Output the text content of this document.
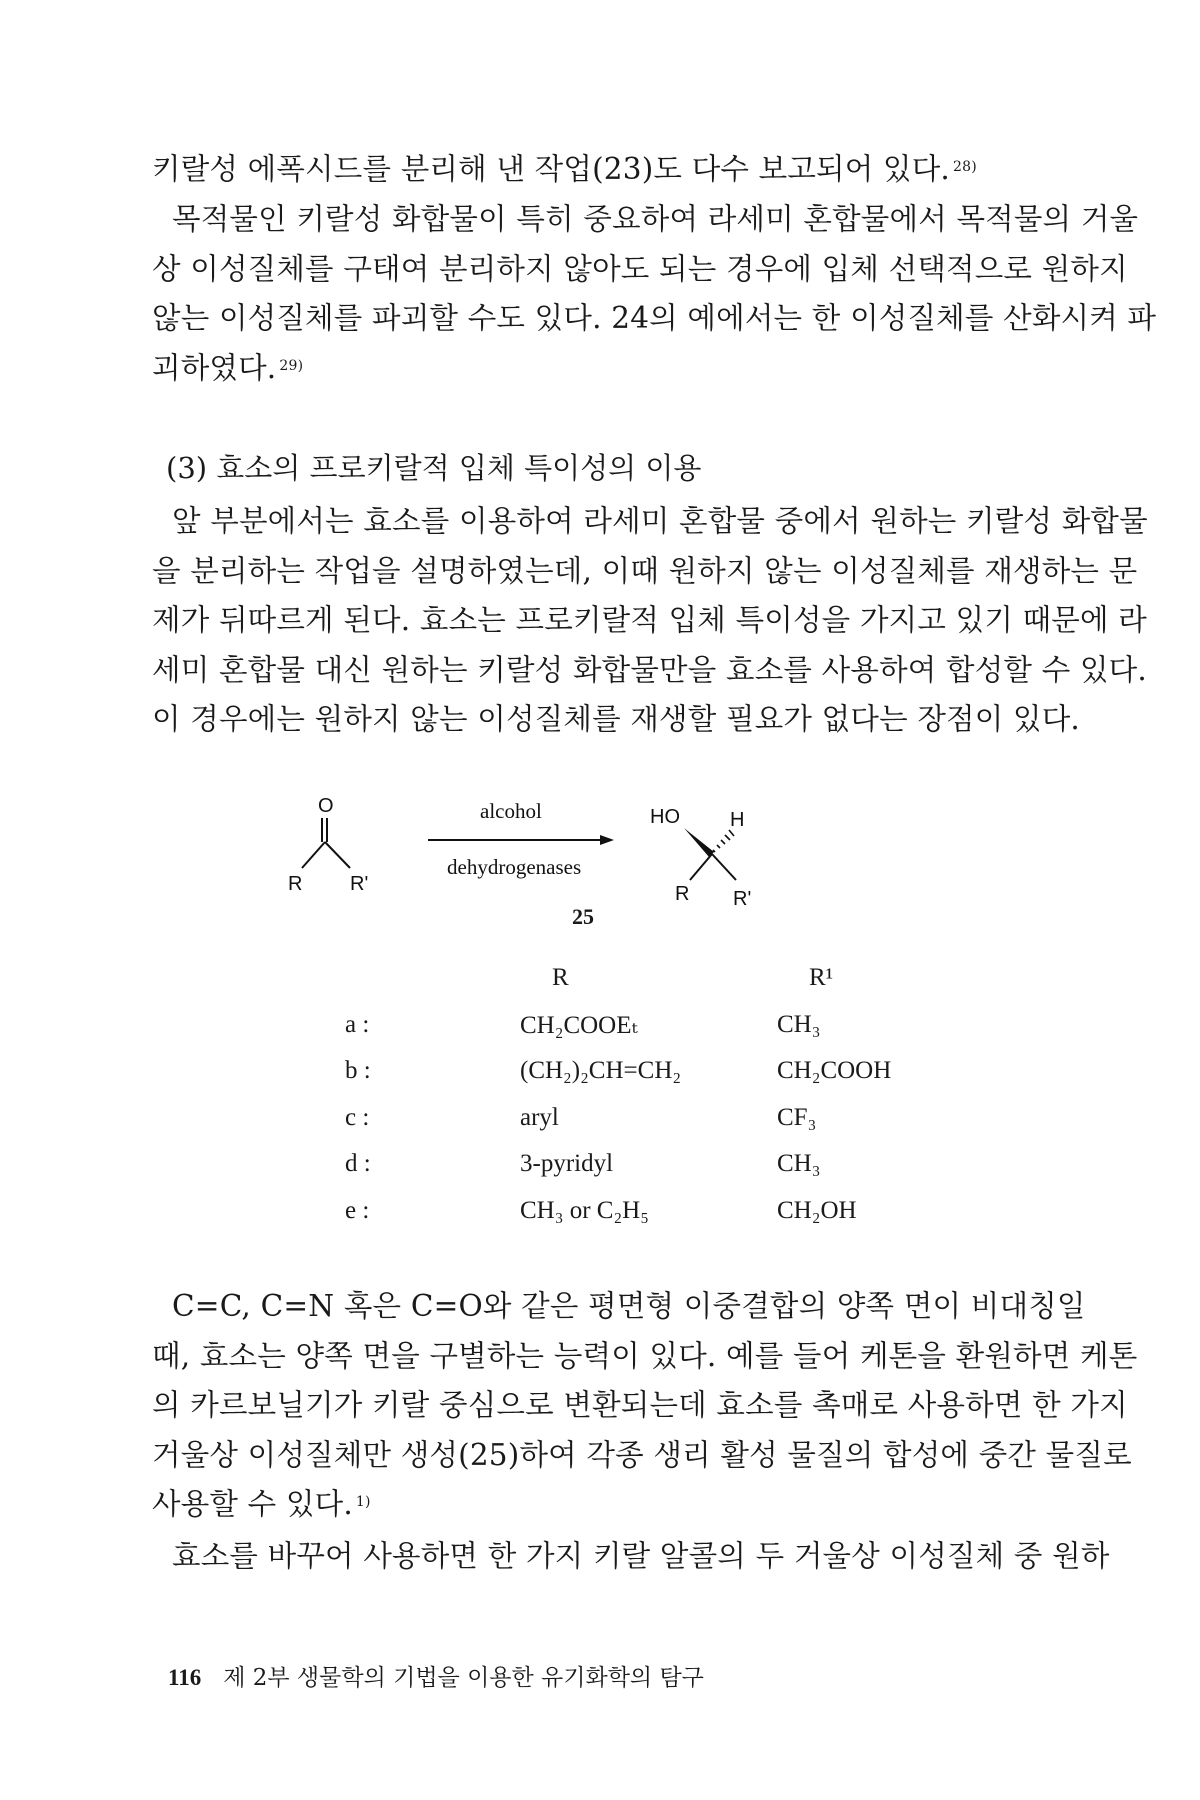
키랄성 에폭시드를 분리해 낸 작업(23)도 다수 보고되어 있다. $^{28)}$

목적물인 키랄성 화합물이 특히 중요하여 라세미 혼합물에서 목적물의 거울
상 이성질체를 구태여 분리하지 않아도 되는 경우에 입체 선택적으로 원하지
않는 이성질체를 파괴할 수도 있다. 24의 예에서는 한 이성질체를 산화시켜 파
괴하였다. $^{29)}$

(3) 효소의 프로키랄적 입체 특이성의 이용

앞 부분에서는 효소를 이용하여 라세미 혼합물 중에서 원하는 키랄성 화합물
을 분리하는 작업을 설명하였는데, 이때 원하지 않는 이성질체를 재생하는 문
제가 뒤따르게 된다. 효소는 프로키랄적 입체 특이성을 가지고 있기 때문에 라
세미 혼합물 대신 원하는 키랄성 화합물만을 효소를 사용하여 합성할 수 있다.
이 경우에는 원하지 않는 이성질체를 재생할 필요가 없다는 장점이 있다.

O
R R'
alcohol
dehydrogenases
HO	H
R R'
25
	R	R¹
a :	CH₂COOEₜ	CH₃
b :	(CH₂)₂CH=CH₂	CH₂COOH
c :	aryl	CF₃
d :	3-pyridyl	CH₃
e :	CH₃ or C₂H₅	CH₂OH

C=C, C=N 혹은 C=O와 같은 평면형 이중결합의 양쪽 면이 비대칭일
때, 효소는 양쪽 면을 구별하는 능력이 있다. 예를 들어 케톤을 환원하면 케톤
의 카르보닐기가 키랄 중심으로 변환되는데 효소를 촉매로 사용하면 한 가지
거울상 이성질체만 생성(25)하여 각종 생리 활성 물질의 합성에 중간 물질로
사용할 수 있다. $^{1)}$

효소를 바꾸어 사용하면 한 가지 키랄 알콜의 두 거울상 이성질체 중 원하

116 제 2부 생물학의 기법을 이용한 유기화학의 탐구
